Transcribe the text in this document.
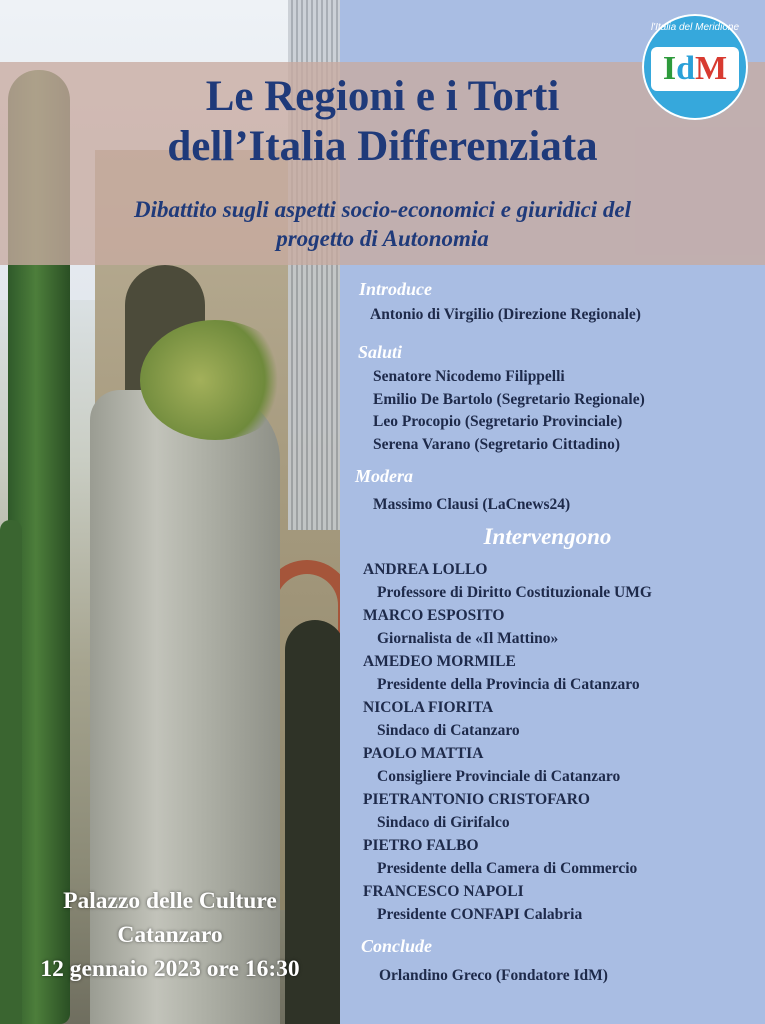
Le Regioni e i Torti
dell’Italia Differenziata
Dibattito sugli aspetti socio-economici e giuridici del
progetto di Autonomia
l'Italia del Meridione
IdM
Introduce
Antonio di Virgilio (Direzione Regionale)
Saluti
Senatore Nicodemo Filippelli
Emilio De Bartolo (Segretario Regionale)
Leo Procopio (Segretario Provinciale)
Serena Varano (Segretario Cittadino)
Modera
Massimo Clausi (LaCnews24)
Intervengono
ANDREA LOLLO
Professore di Diritto Costituzionale UMG
MARCO ESPOSITO
Giornalista de «Il Mattino»
AMEDEO MORMILE
Presidente della Provincia di Catanzaro
NICOLA FIORITA
Sindaco di Catanzaro
PAOLO MATTIA
Consigliere Provinciale di Catanzaro
PIETRANTONIO CRISTOFARO
Sindaco di Girifalco
PIETRO FALBO
Presidente della Camera di Commercio
FRANCESCO NAPOLI
Presidente CONFAPI Calabria
Conclude
Orlandino Greco (Fondatore IdM)
Palazzo delle Culture
Catanzaro
12 gennaio 2023 ore 16:30
